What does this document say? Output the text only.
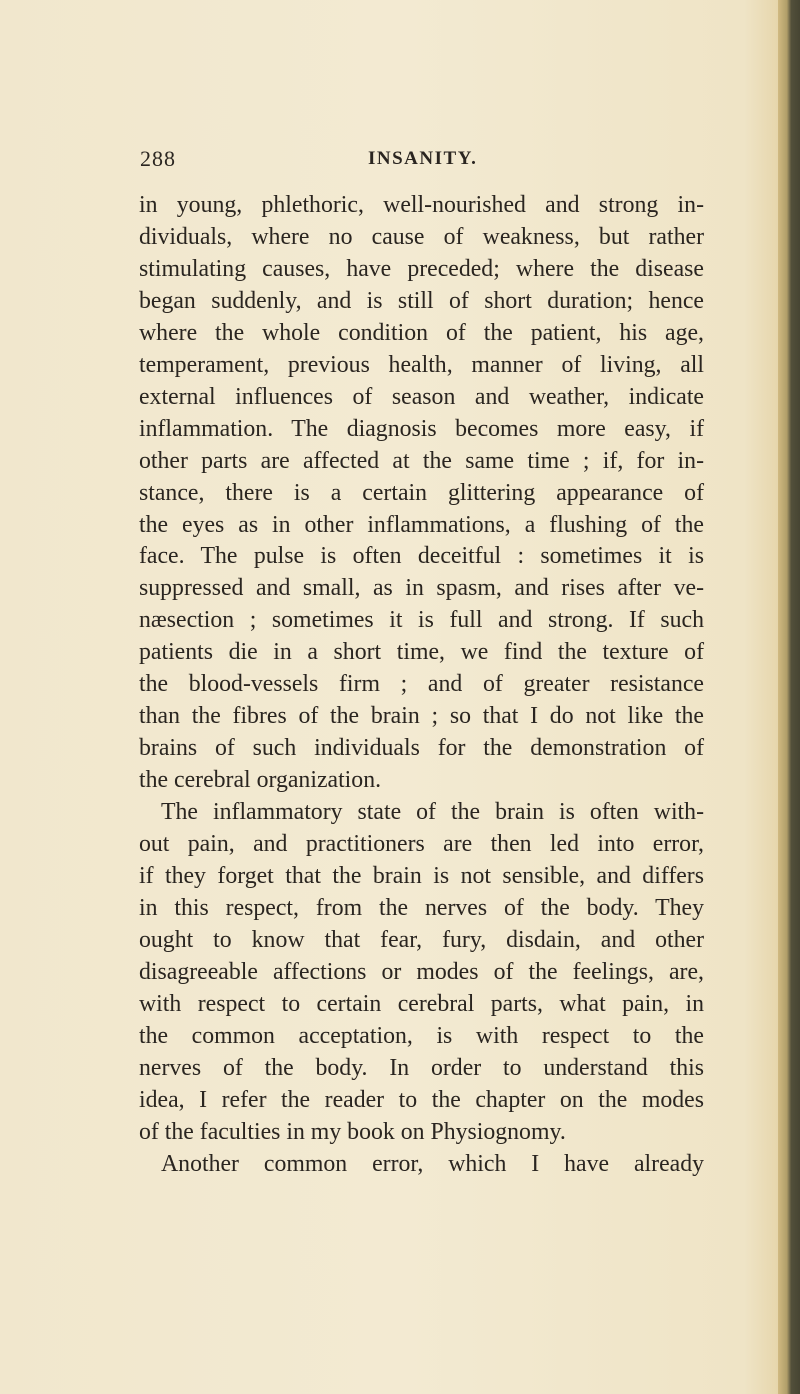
288	INSANITY.
in young, phlethoric, well-nourished and strong in-
dividuals, where no cause of weakness, but rather
stimulating causes, have preceded; where the disease
began suddenly, and is still of short duration; hence
where the whole condition of the patient, his age,
temperament, previous health, manner of living, all
external influences of season and weather, indicate
inflammation. The diagnosis becomes more easy, if
other parts are affected at the same time ; if, for in-
stance, there is a certain glittering appearance of
the eyes as in other inflammations, a flushing of the
face. The pulse is often deceitful : sometimes it is
suppressed and small, as in spasm, and rises after ve-
næsection ; sometimes it is full and strong. If such
patients die in a short time, we find the texture of
the blood-vessels firm ; and of greater resistance
than the fibres of the brain ; so that I do not like the
brains of such individuals for the demonstration of
the cerebral organization.
The inflammatory state of the brain is often with-
out pain, and practitioners are then led into error,
if they forget that the brain is not sensible, and differs
in this respect, from the nerves of the body. They
ought to know that fear, fury, disdain, and other
disagreeable affections or modes of the feelings, are,
with respect to certain cerebral parts, what pain, in
the common acceptation, is with respect to the
nerves of the body. In order to understand this
idea, I refer the reader to the chapter on the modes
of the faculties in my book on Physiognomy.
Another common error, which I have already
